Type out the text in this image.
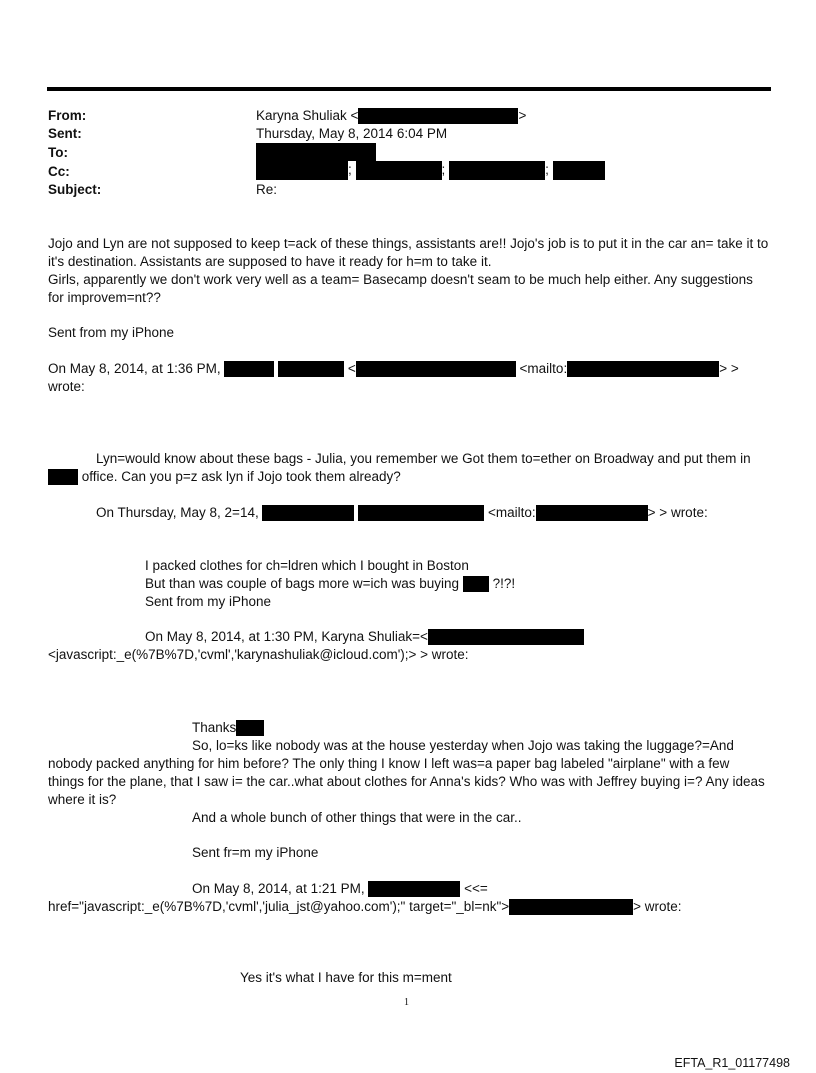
From:	Karyna Shuliak <	>
Sent:	Thursday, May 8, 2014 6:04 PM
To:
Cc:	;	;	;
Subject:	Re:
Jojo and Lyn are not supposed to keep t=ack of these things, assistants are!! Jojo's job is to put it in the car an= take it to
it's destination. Assistants are supposed to have it ready for h=m to take it.
Girls, apparently we don't work very well as a team= Basecamp doesn't seam to be much help either. Any suggestions
for improvem=nt??
Sent from my iPhone
On May 8, 2014, at 1:36 PM,	<	<mailto:	> >
wrote:
Lyn=would know about these bags - Julia, you remember we Got them to=ether on Broadway and put them in
office. Can you p=z ask lyn if Jojo took them already?
On Thursday, May 8, 2=14,	<mailto:	> > wrote:
I packed clothes for ch=ldren which I bought in Boston
But than was couple of bags more w=ich was buying ?!?!
Sent from my iPhone
On May 8, 2014, at 1:30 PM, Karyna Shuliak=<
<javascript:_e(%7B%7D,'cvml','karynashuliak@icloud.com');> > wrote:
Thanks
So, lo=ks like nobody was at the house yesterday when Jojo was taking the luggage?=And
nobody packed anything for him before? The only thing I know I left was=a paper bag labeled "airplane" with a few
things for the plane, that I saw i= the car..what about clothes for Anna's kids? Who was with Jeffrey buying i=? Any ideas
where it is?
And a whole bunch of other things that were in the car..
Sent fr=m my iPhone
On May 8, 2014, at 1:21 PM,	<<=
href="javascript:_e(%7B%7D,'cvml','julia_jst@yahoo.com');" target="_bl=nk">	> wrote:
Yes it's what I have for this m=ment
1
EFTA_R1_01177498
